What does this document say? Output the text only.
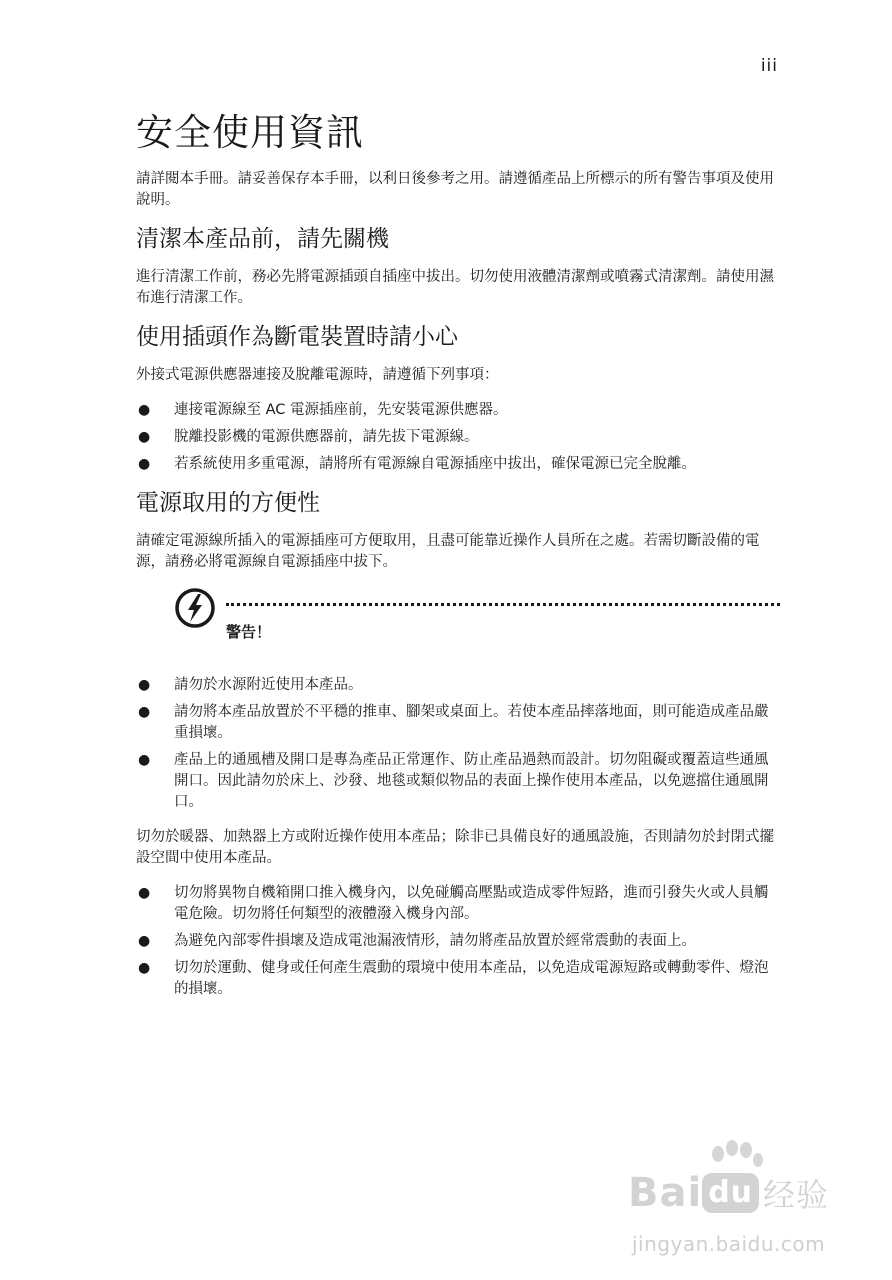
iii
安全使用資訊

請詳閱本手冊。請妥善保存本手冊，以利日後參考之用。請遵循產品上所標示的所有警告事項及使用說明。

清潔本產品前，請先關機

進行清潔工作前，務必先將電源插頭自插座中拔出。切勿使用液體清潔劑或噴霧式清潔劑。請使用濕布進行清潔工作。

使用插頭作為斷電裝置時請小心

外接式電源供應器連接及脫離電源時，請遵循下列事項：

● 連接電源線至 AC 電源插座前，先安裝電源供應器。
● 脫離投影機的電源供應器前，請先拔下電源線。
● 若系統使用多重電源，請將所有電源線自電源插座中拔出，確保電源已完全脫離。
電源取用的方便性

請確定電源線所插入的電源插座可方便取用，且盡可能靠近操作人員所在之處。若需切斷設備的電源，請務必將電源線自電源插座中拔下。

警告！
● 請勿於水源附近使用本產品。
● 請勿將本產品放置於不平穩的推車、腳架或桌面上。若使本產品摔落地面，則可能造成產品嚴重損壞。
● 產品上的通風槽及開口是專為產品正常運作、防止產品過熱而設計。切勿阻礙或覆蓋這些通風開口。因此請勿於床上、沙發、地毯或類似物品的表面上操作使用本產品，以免遮擋住通風開口。

切勿於暖器、加熱器上方或附近操作使用本產品；除非已具備良好的通風設施，否則請勿於封閉式擺設空間中使用本產品。

● 切勿將異物自機箱開口推入機身內，以免碰觸高壓點或造成零件短路，進而引發失火或人員觸電危險。切勿將任何類型的液體潑入機身內部。
● 為避免內部零件損壞及造成電池漏液情形，請勿將產品放置於經常震動的表面上。
● 切勿於運動、健身或任何產生震動的環境中使用本產品，以免造成電源短路或轉動零件、燈泡的損壞。
Bai du 经验
jingyan.baidu.com
